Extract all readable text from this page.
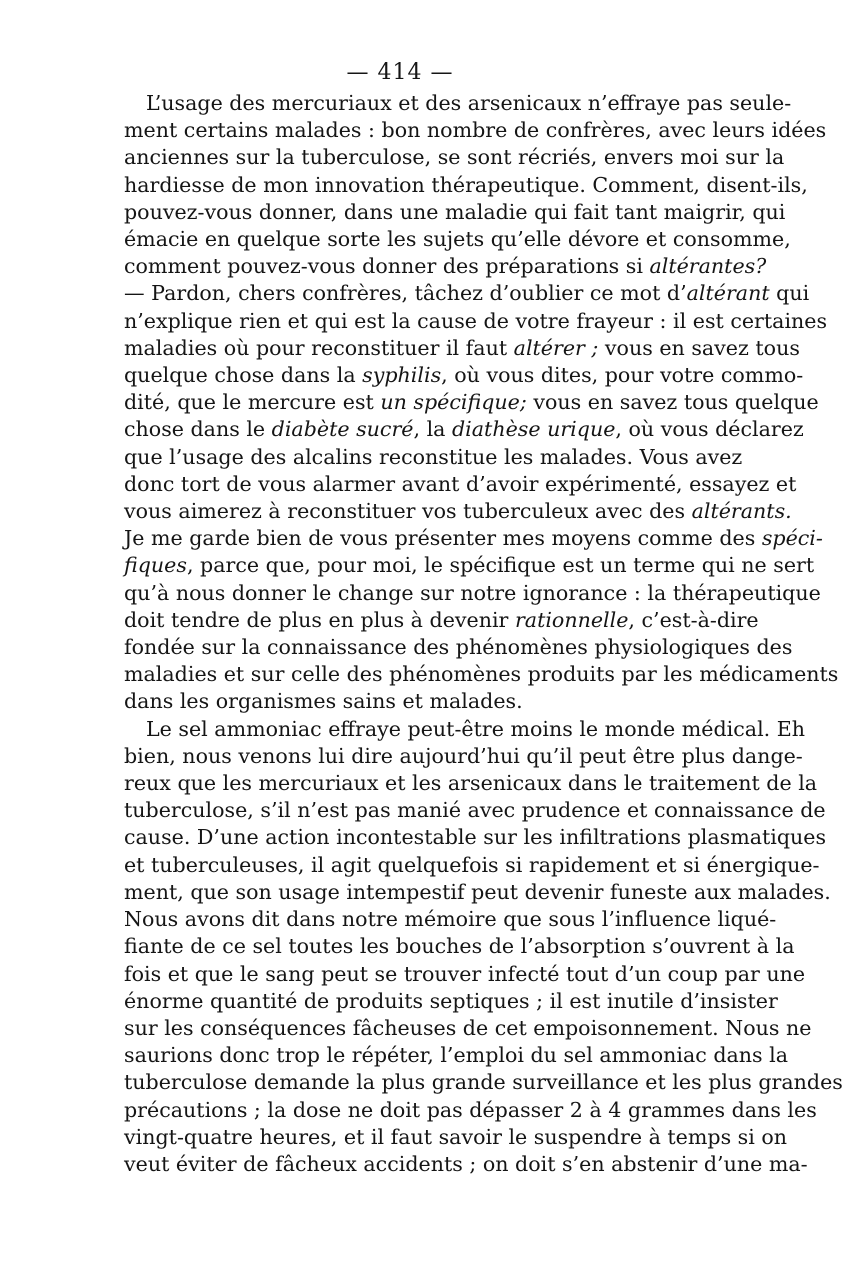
— 414 —
L’usage des mercuriaux et des arsenicaux n’effraye pas seule-
ment certains malades : bon nombre de confrères, avec leurs idées
anciennes sur la tuberculose, se sont récriés, envers moi sur la
hardiesse de mon innovation thérapeutique. Comment, disent-ils,
pouvez-vous donner, dans une maladie qui fait tant maigrir, qui
émacie en quelque sorte les sujets qu’elle dévore et consomme,
comment pouvez-vous donner des préparations si altérantes?
— Pardon, chers confrères, tâchez d’oublier ce mot d’altérant qui
n’explique rien et qui est la cause de votre frayeur : il est certaines
maladies où pour reconstituer il faut altérer ; vous en savez tous
quelque chose dans la syphilis, où vous dites, pour votre commo-
dité, que le mercure est un spécifique; vous en savez tous quelque
chose dans le diabète sucré, la diathèse urique, où vous déclarez
que l’usage des alcalins reconstitue les malades. Vous avez
donc tort de vous alarmer avant d’avoir expérimenté, essayez et
vous aimerez à reconstituer vos tuberculeux avec des altérants.
Je me garde bien de vous présenter mes moyens comme des spéci-
fiques, parce que, pour moi, le spécifique est un terme qui ne sert
qu’à nous donner le change sur notre ignorance : la thérapeutique
doit tendre de plus en plus à devenir rationnelle, c’est-à-dire
fondée sur la connaissance des phénomènes physiologiques des
maladies et sur celle des phénomènes produits par les médicaments
dans les organismes sains et malades.
Le sel ammoniac effraye peut-être moins le monde médical. Eh
bien, nous venons lui dire aujourd’hui qu’il peut être plus dange-
reux que les mercuriaux et les arsenicaux dans le traitement de la
tuberculose, s’il n’est pas manié avec prudence et connaissance de
cause. D’une action incontestable sur les infiltrations plasmatiques
et tuberculeuses, il agit quelquefois si rapidement et si énergique-
ment, que son usage intempestif peut devenir funeste aux malades.
Nous avons dit dans notre mémoire que sous l’influence liqué-
fiante de ce sel toutes les bouches de l’absorption s’ouvrent à la
fois et que le sang peut se trouver infecté tout d’un coup par une
énorme quantité de produits septiques ; il est inutile d’insister
sur les conséquences fâcheuses de cet empoisonnement. Nous ne
saurions donc trop le répéter, l’emploi du sel ammoniac dans la
tuberculose demande la plus grande surveillance et les plus grandes
précautions ; la dose ne doit pas dépasser 2 à 4 grammes dans les
vingt-quatre heures, et il faut savoir le suspendre à temps si on
veut éviter de fâcheux accidents ; on doit s’en abstenir d’une ma-
